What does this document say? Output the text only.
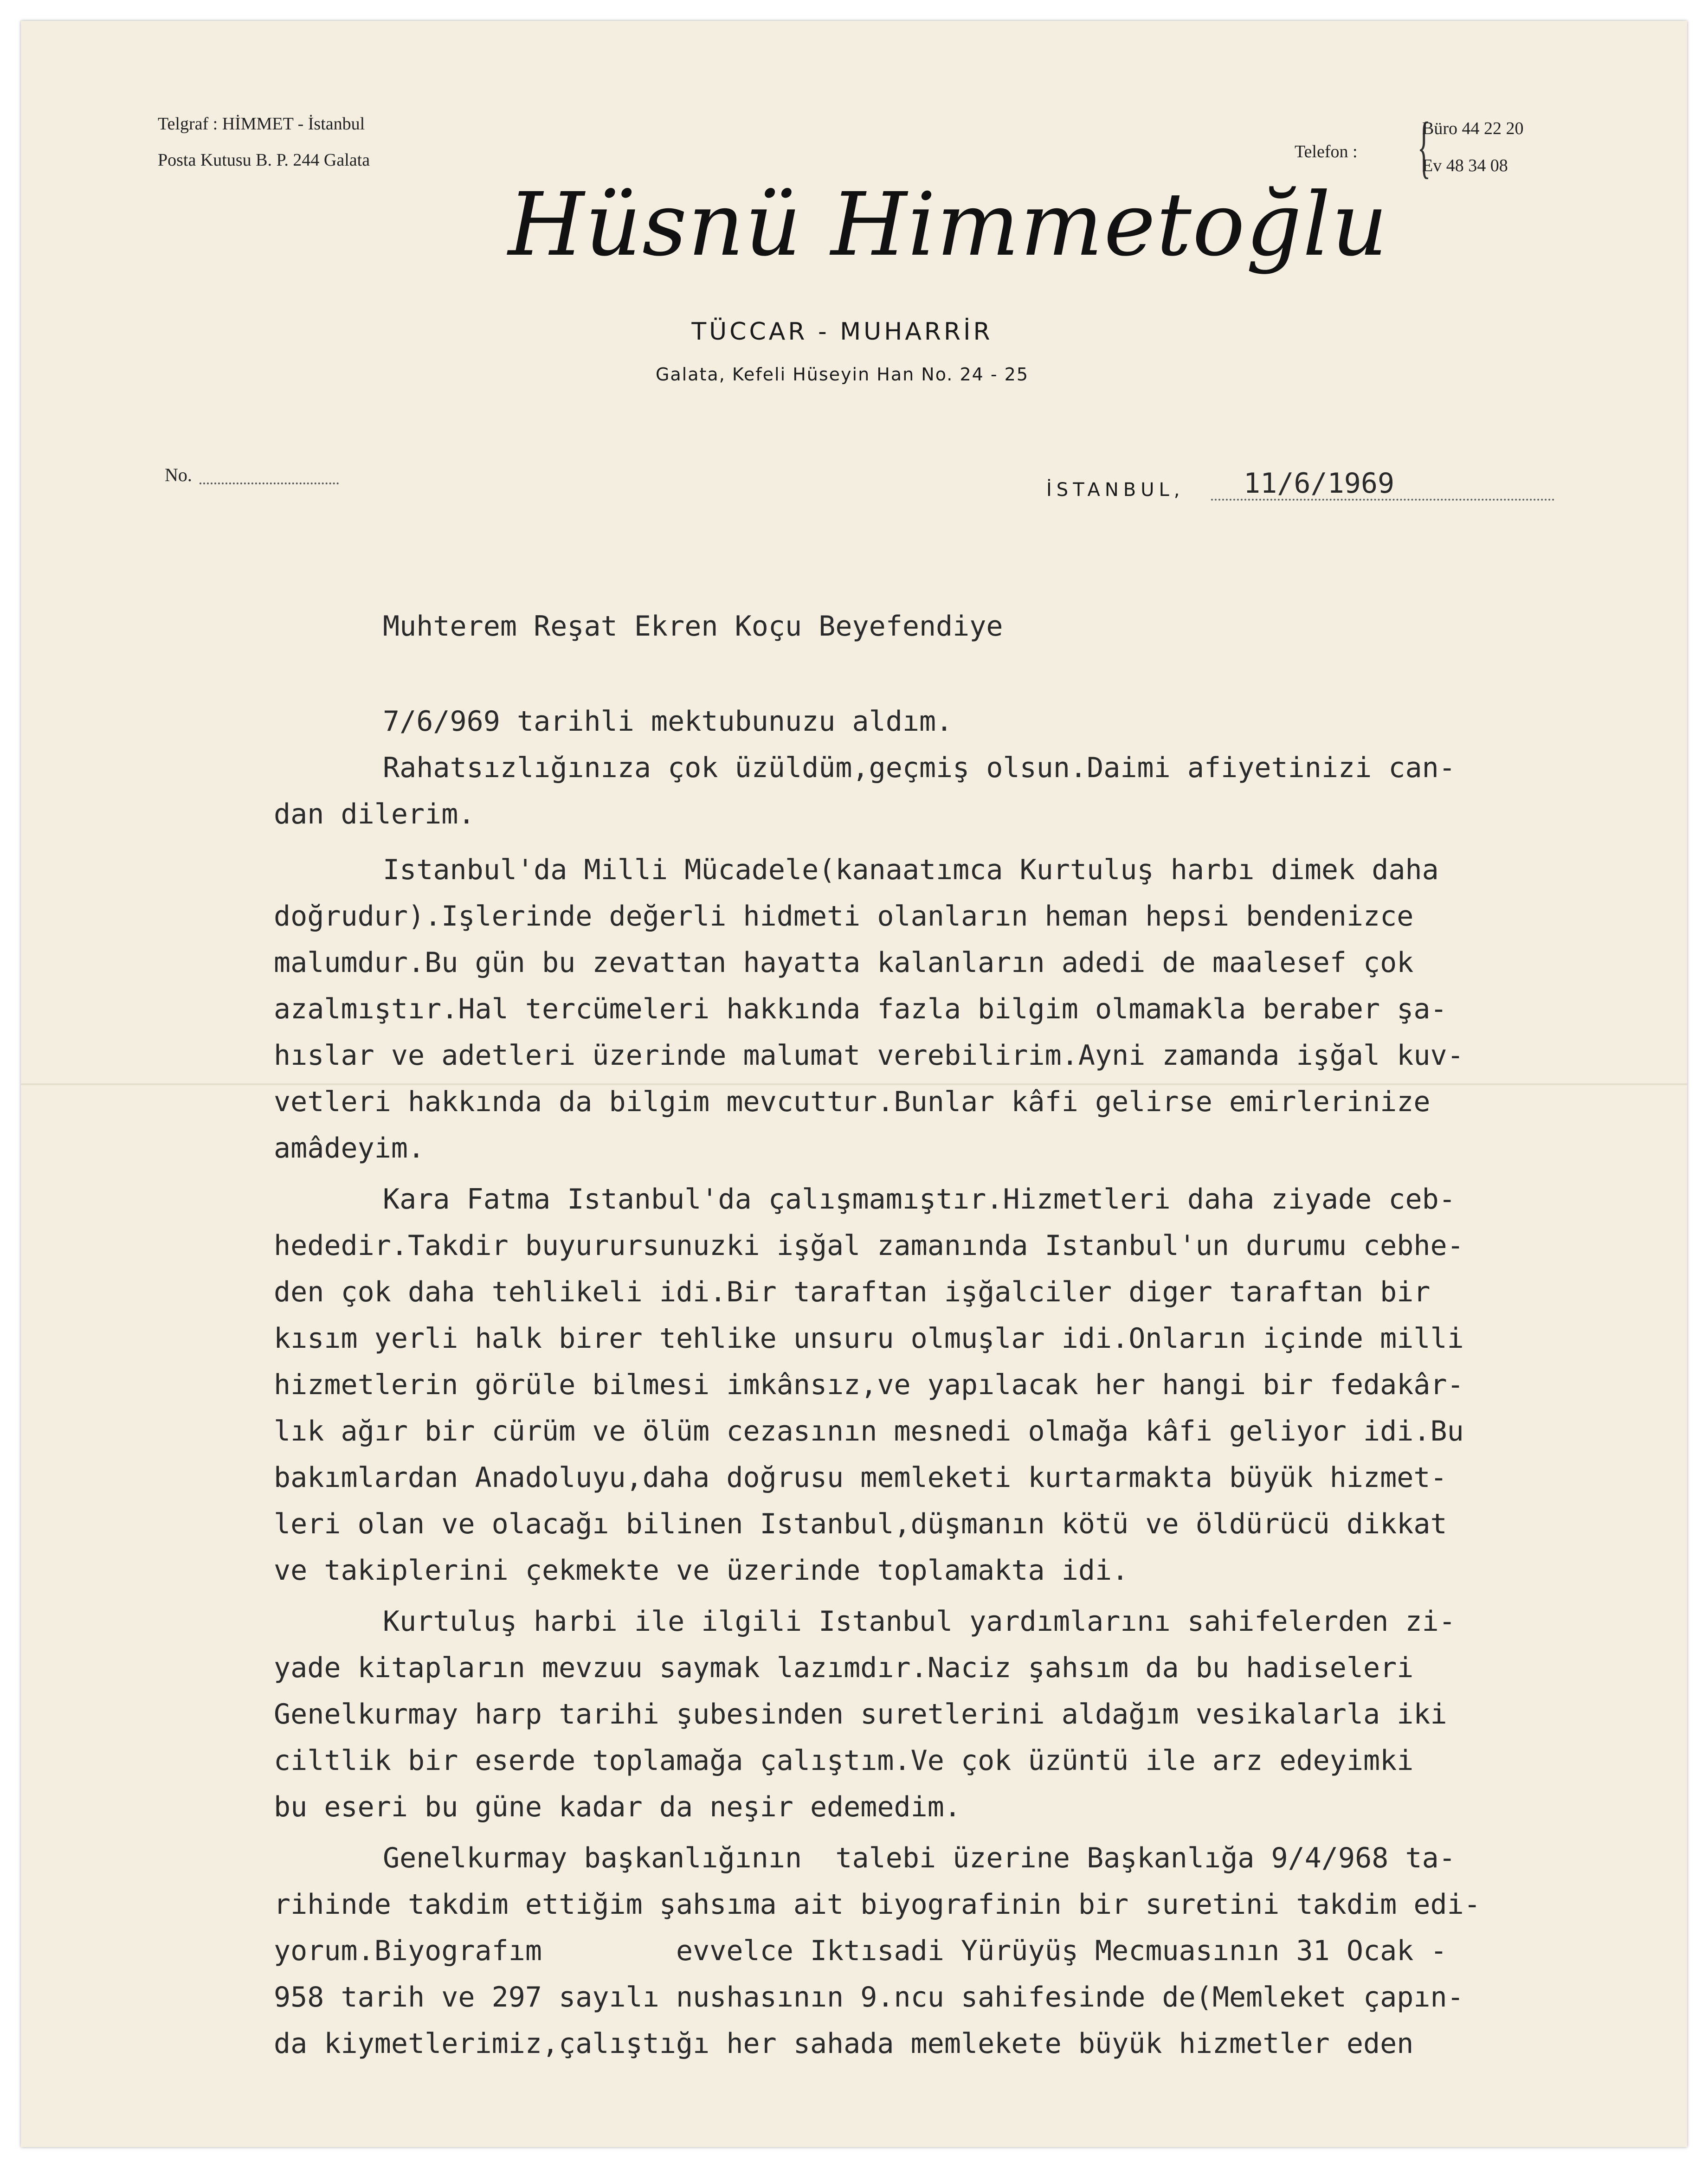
Telgraf : HİMMET - İstanbul
Posta Kutusu B. P. 244 Galata	Telefon : {
Büro 44 22 20
Ev 48 34 08
Hüsnü Himmetoğlu
TÜCCAR - MUHARRİR
Galata, Kefeli Hüseyin Han No. 24 - 25
No.
İSTANBUL, 11/6/1969
Muhterem Reşat Ekren Koçu Beyefendiye
7/6/969 tarihli mektubunuzu aldım.
Rahatsızlığınıza çok üzüldüm,geçmiş olsun.Daimi afiyetinizi can-
dan dilerim.
Istanbul'da Milli Mücadele(kanaatımca Kurtuluş harbı dimek daha
doğrudur).Işlerinde değerli hidmeti olanların heman hepsi bendenizce
malumdur.Bu gün bu zevattan hayatta kalanların adedi de maalesef çok
azalmıştır.Hal tercümeleri hakkında fazla bilgim olmamakla beraber şa-
hıslar ve adetleri üzerinde malumat verebilirim.Ayni zamanda işğal kuv-
vetleri hakkında da bilgim mevcuttur.Bunlar kâfi gelirse emirlerinize
amâdeyim.
Kara Fatma Istanbul'da çalışmamıştır.Hizmetleri daha ziyade ceb-
hededir.Takdir buyurursunuzki işğal zamanında Istanbul'un durumu cebhe-
den çok daha tehlikeli idi.Bir taraftan işğalciler diger taraftan bir
kısım yerli halk birer tehlike unsuru olmuşlar idi.Onların içinde milli
hizmetlerin görüle bilmesi imkânsız,ve yapılacak her hangi bir fedakâr-
lık ağır bir cürüm ve ölüm cezasının mesnedi olmağa kâfi geliyor idi.Bu
bakımlardan Anadoluyu,daha doğrusu memleketi kurtarmakta büyük hizmet-
leri olan ve olacağı bilinen Istanbul,düşmanın kötü ve öldürücü dikkat
ve takiplerini çekmekte ve üzerinde toplamakta idi.
Kurtuluş harbi ile ilgili Istanbul yardımlarını sahifelerden zi-
yade kitapların mevzuu saymak lazımdır.Naciz şahsım da bu hadiseleri
Genelkurmay harp tarihi şubesinden suretlerini aldağım vesikalarla iki
ciltlik bir eserde toplamağa çalıştım.Ve çok üzüntü ile arz edeyimki
bu eseri bu güne kadar da neşir edemedim.
Genelkurmay başkanlığının  talebi üzerine Başkanlığa 9/4/968 ta-
rihinde takdim ettiğim şahsıma ait biyografinin bir suretini takdim edi-
yorum.Biyografım        evvelce Iktısadi Yürüyüş Mecmuasının 31 Ocak -
958 tarih ve 297 sayılı nushasının 9.ncu sahifesinde de(Memleket çapın-
da kiymetlerimiz,çalıştığı her sahada memlekete büyük hizmetler eden
